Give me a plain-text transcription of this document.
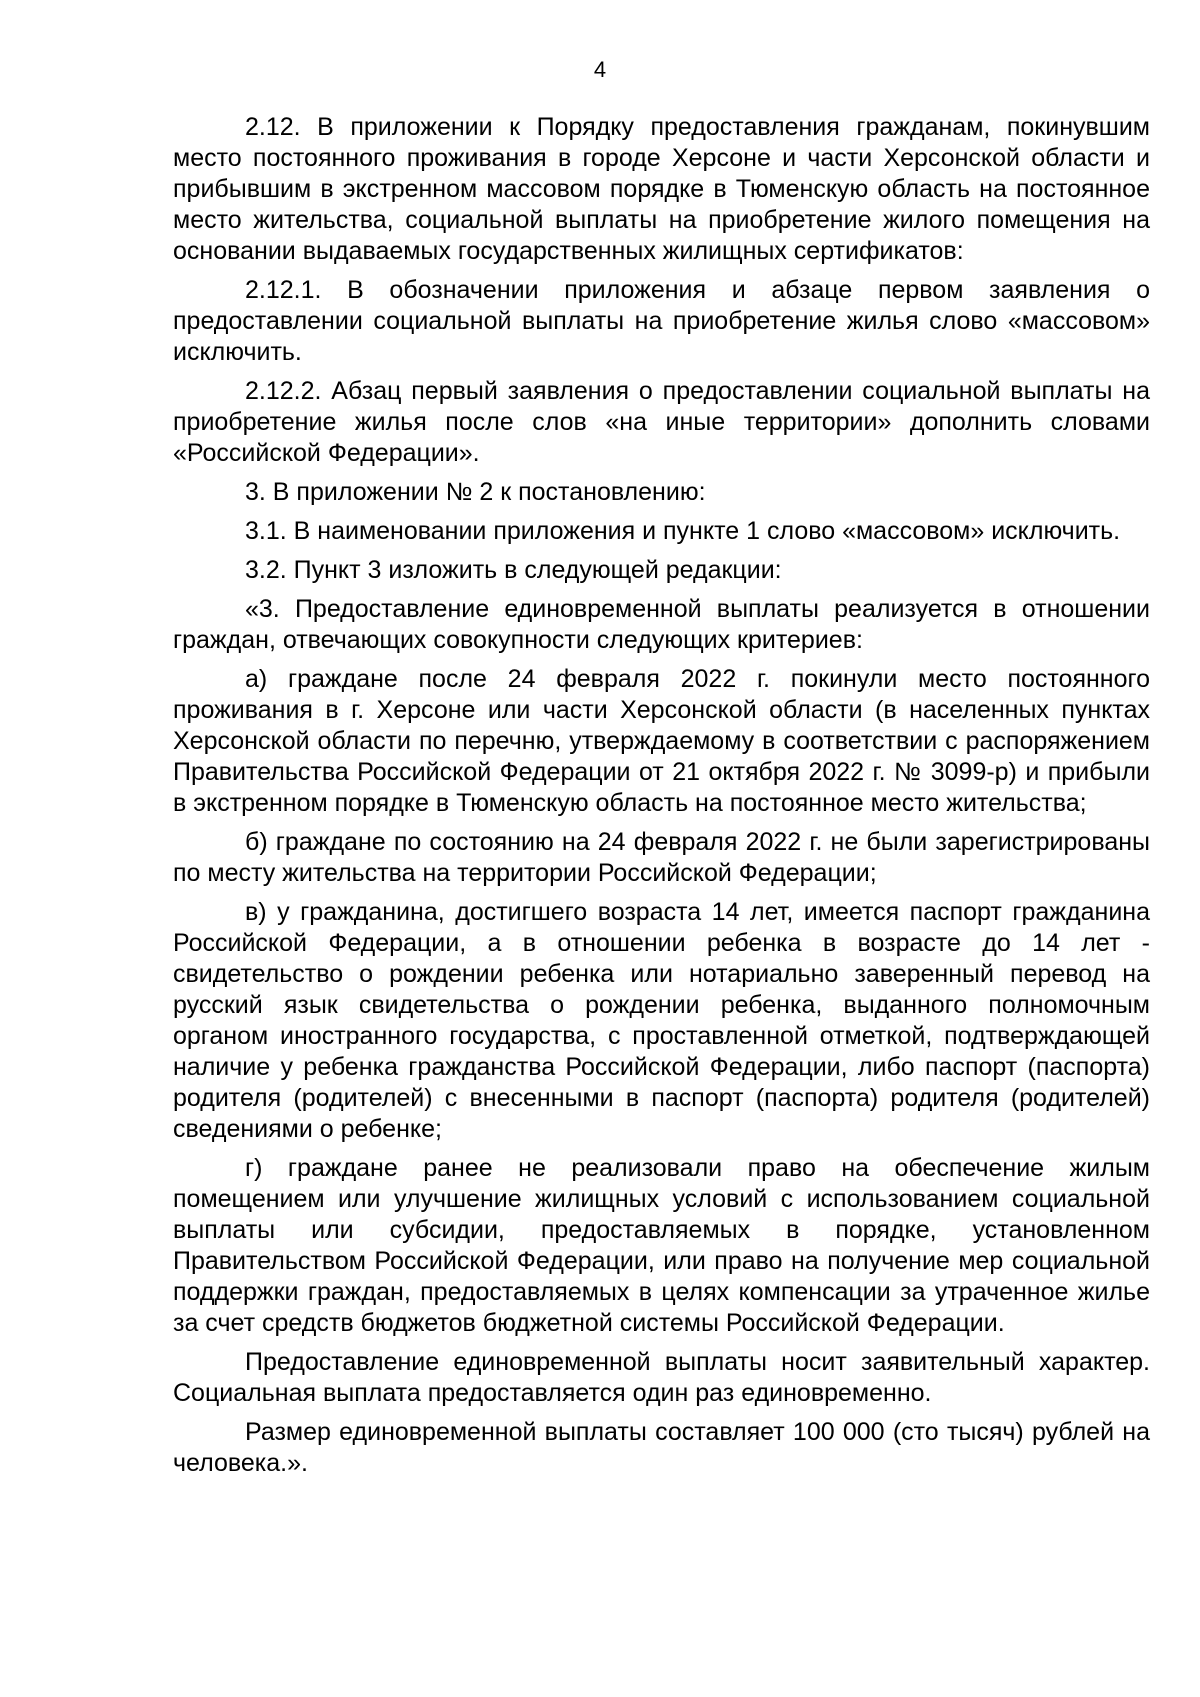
4

2.12. В приложении к Порядку предоставления гражданам, покинувшим место постоянного проживания в городе Херсоне и части Херсонской области и прибывшим в экстренном массовом порядке в Тюменскую область на постоянное место жительства, социальной выплаты на приобретение жилого помещения на основании выдаваемых государственных жилищных сертификатов:

2.12.1. В обозначении приложения и абзаце первом заявления о предоставлении социальной выплаты на приобретение жилья слово «массовом» исключить.

2.12.2. Абзац первый заявления о предоставлении социальной выплаты на приобретение жилья после слов «на иные территории» дополнить словами «Российской Федерации».

3. В приложении № 2 к постановлению:

3.1. В наименовании приложения и пункте 1 слово «массовом» исключить.

3.2. Пункт 3 изложить в следующей редакции:

«3. Предоставление единовременной выплаты реализуется в отношении граждан, отвечающих совокупности следующих критериев:

а) граждане после 24 февраля 2022 г. покинули место постоянного проживания в г. Херсоне или части Херсонской области (в населенных пунктах Херсонской области по перечню, утверждаемому в соответствии с распоряжением Правительства Российской Федерации от 21 октября 2022 г. № 3099-р) и прибыли в экстренном порядке в Тюменскую область на постоянное место жительства;

б) граждане по состоянию на 24 февраля 2022 г. не были зарегистрированы по месту жительства на территории Российской Федерации;

в) у гражданина, достигшего возраста 14 лет, имеется паспорт гражданина Российской Федерации, а в отношении ребенка в возрасте до 14 лет - свидетельство о рождении ребенка или нотариально заверенный перевод на русский язык свидетельства о рождении ребенка, выданного полномочным органом иностранного государства, с проставленной отметкой, подтверждающей наличие у ребенка гражданства Российской Федерации, либо паспорт (паспорта) родителя (родителей) с внесенными в паспорт (паспорта) родителя (родителей) сведениями о ребенке;

г) граждане ранее не реализовали право на обеспечение жилым помещением или улучшение жилищных условий с использованием социальной выплаты или субсидии, предоставляемых в порядке, установленном Правительством Российской Федерации, или право на получение мер социальной поддержки граждан, предоставляемых в целях компенсации за утраченное жилье за счет средств бюджетов бюджетной системы Российской Федерации.

Предоставление единовременной выплаты носит заявительный характер. Социальная выплата предоставляется один раз единовременно.

Размер единовременной выплаты составляет 100 000 (сто тысяч) рублей на человека.».
